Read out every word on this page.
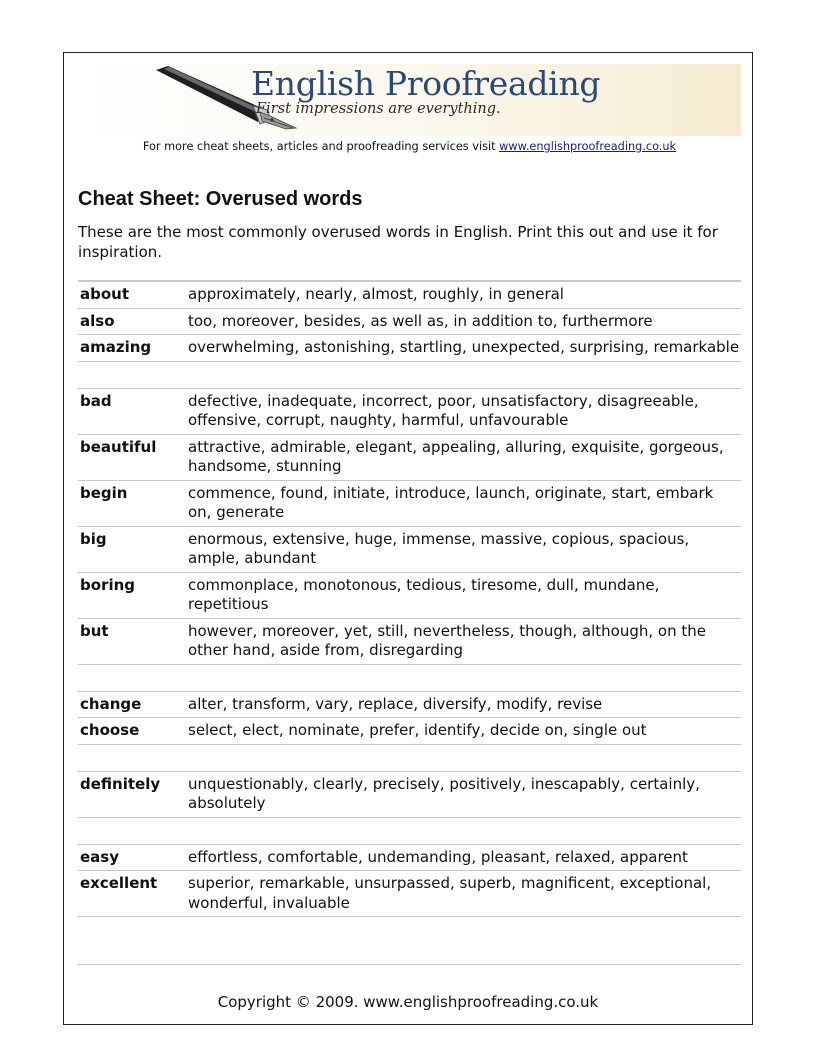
English Proofreading
First impressions are everything.
For more cheat sheets, articles and proofreading services visit www.englishproofreading.co.uk
Cheat Sheet: Overused words
These are the most commonly overused words in English. Print this out and use it for inspiration.
about	approximately, nearly, almost, roughly, in general
also	too, moreover, besides, as well as, in addition to, furthermore
amazing overwhelming, astonishing, startling, unexpected, surprising, remarkable
bad	defective, inadequate, incorrect, poor, unsatisfactory, disagreeable, offensive, corrupt, naughty, harmful, unfavourable
beautiful attractive, admirable, elegant, appealing, alluring, exquisite, gorgeous, handsome, stunning
begin	commence, found, initiate, introduce, launch, originate, start, embark on, generate
big	enormous, extensive, huge, immense, massive, copious, spacious, ample, abundant
boring	commonplace, monotonous, tedious, tiresome, dull, mundane, repetitious
but	however, moreover, yet, still, nevertheless, though, although, on the other hand, aside from, disregarding
change	alter, transform, vary, replace, diversify, modify, revise
choose	select, elect, nominate, prefer, identify, decide on, single out
definitely unquestionably, clearly, precisely, positively, inescapably, certainly, absolutely
easy	effortless, comfortable, undemanding, pleasant, relaxed, apparent
excellent superior, remarkable, unsurpassed, superb, magnificent, exceptional, wonderful, invaluable
Copyright © 2009. www.englishproofreading.co.uk
